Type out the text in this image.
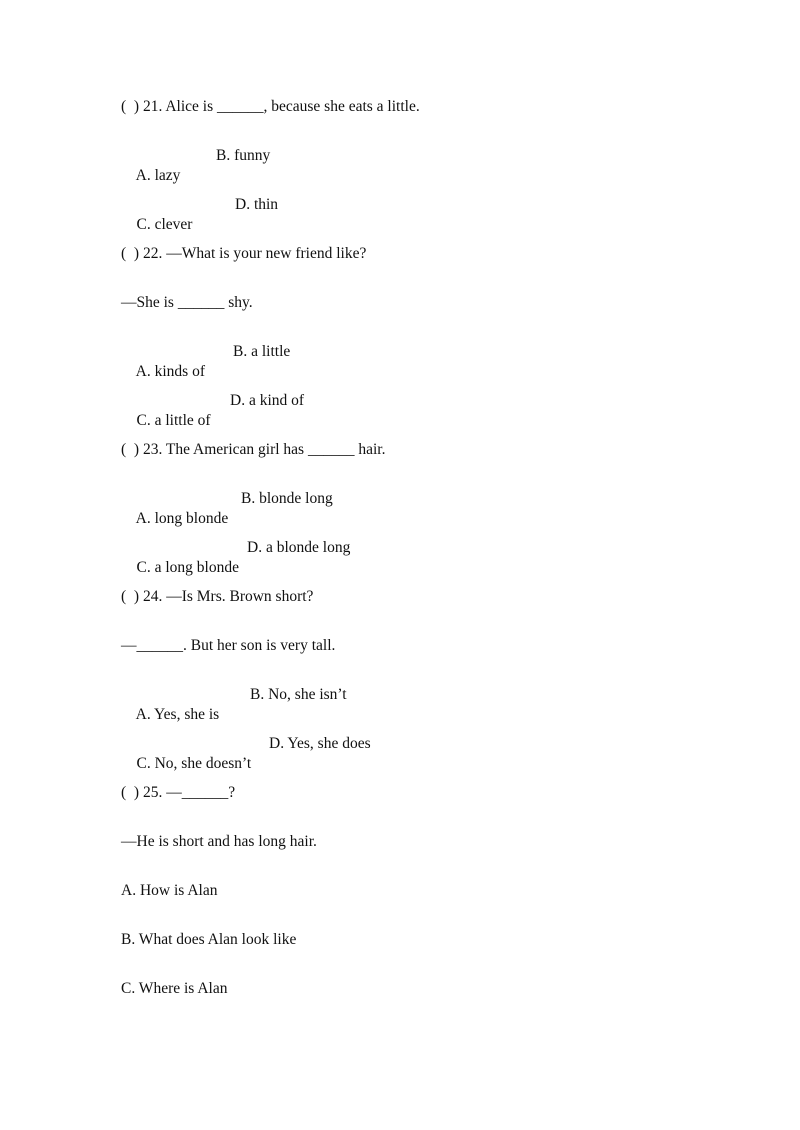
(  ) 21. Alice is ______, because she eats a little.

A. lazy

B. funny

C. clever

D. thin

(  ) 22. —What is your new friend like?
—She is ______ shy.

A. kinds of

B. a little

C. a little of

D. a kind of

(  ) 23. The American girl has ______ hair.

A. long blonde

B. blonde long

C. a long blonde

D. a blonde long

(  ) 24. —Is Mrs. Brown short?
—______. But her son is very tall.

A. Yes, she is

B. No, she isn’t

C. No, she doesn’t

D. Yes, she does

(  ) 25. —______?
—He is short and has long hair.
A. How is Alan
B. What does Alan look like
C. Where is Alan
